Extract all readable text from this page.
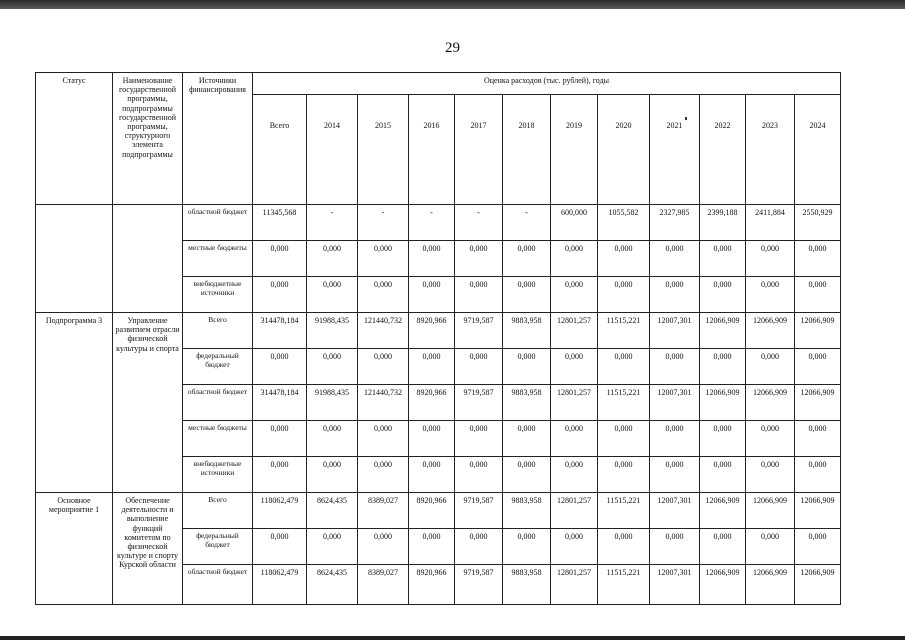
29
Статус	Наименование государственной программы, подпрограммы государственной программы, структурного элемента подпрограммы	Источники финансирования	Оценка расходов (тыс. рублей), годы											
			Всего	2014	2015	2016	2017	2018	2019	2020	2021	2022	2023	2024
		областной бюджет	11345,568	-	-	-	-	-	600,000	1055,582	2327,985	2399,188	2411,884	2550,929
		местные бюджеты	0,000	0,000	0,000	0,000	0,000	0,000	0,000	0,000	0,000	0,000	0,000	0,000
		внебюджетные источники	0,000	0,000	0,000	0,000	0,000	0,000	0,000	0,000	0,000	0,000	0,000	0,000
Подпрограмма 3	Управление развитием отрасли физической культуры и спорта	Всего	314478,184	91988,435	121440,732	8920,966	9719,587	9883,958	12801,257	11515,221	12007,301	12066,909	12066,909	12066,909
		федеральный бюджет	0,000	0,000	0,000	0,000	0,000	0,000	0,000	0,000	0,000	0,000	0,000	0,000
		областной бюджет	314478,184	91988,435	121440,732	8920,966	9719,587	9883,958	12801,257	11515,221	12007,301	12066,909	12066,909	12066,909
		местные бюджеты	0,000	0,000	0,000	0,000	0,000	0,000	0,000	0,000	0,000	0,000	0,000	0,000
		внебюджетные источники	0,000	0,000	0,000	0,000	0,000	0,000	0,000	0,000	0,000	0,000	0,000	0,000
Основное мероприятие 1	Обеспечение деятельности и выполнение функций комитетом по физической культуре и спорту Курской области	Всего	118062,479	8624,435	8389,027	8920,966	9719,587	9883,958	12801,257	11515,221	12007,301	12066,909	12066,909	12066,909
		федеральный бюджет	0,000	0,000	0,000	0,000	0,000	0,000	0,000	0,000	0,000	0,000	0,000	0,000
		областной бюджет	118062,479	8624,435	8389,027	8920,966	9719,587	9883,958	12801,257	11515,221	12007,301	12066,909	12066,909	12066,909
